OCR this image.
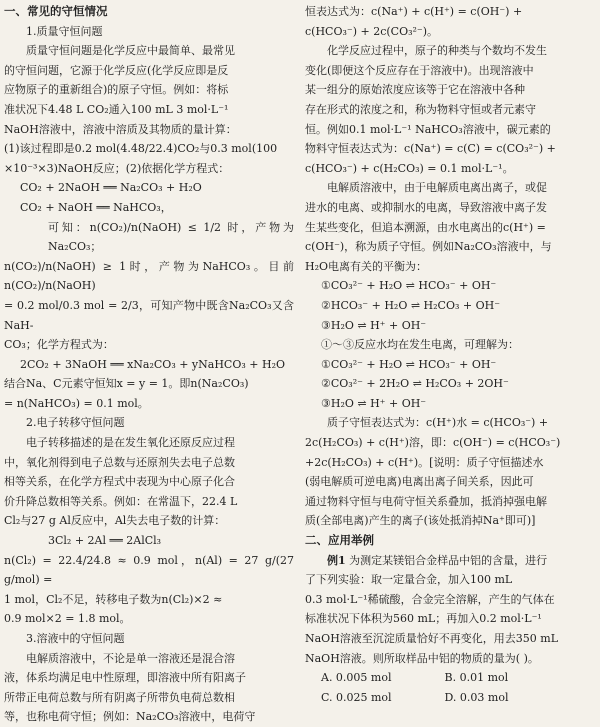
一、常见的守恒情况
1.质量守恒问题
质量守恒问题是化学反应中最简单、最常见
的守恒问题，它源于化学反应(化学反应即是反
应物原子的重新组合)的原子守恒。例如：将标
准状况下4.48 L CO₂通入100 mL 3 mol·L⁻¹
NaOH溶液中，溶液中溶质及其物质的量计算：
(1)该过程即是0.2 mol(4.48/22.4)CO₂与0.3 mol(100
×10⁻³×3)NaOH反应；(2)依据化学方程式：
CO₂ + 2NaOH ══ Na₂CO₃ + H₂O
CO₂ + NaOH ══ NaHCO₃，
可知：n(CO₂)/n(NaOH) ≤ 1/2 时，产物为Na₂CO₃；
n(CO₂)/n(NaOH) ≥ 1时，产物为NaHCO₃。目前 n(CO₂)/n(NaOH)
= 0.2 mol/0.3 mol = 2/3，可知产物中既含Na₂CO₃又含NaH-
CO₃；化学方程式为：
2CO₂ + 3NaOH ══ xNa₂CO₃ + yNaHCO₃ + H₂O
结合Na、C元素守恒知x = y = 1。即n(Na₂CO₃)
= n(NaHCO₃) = 0.1 mol。
2.电子转移守恒问题
电子转移描述的是在发生氧化还原反应过程
中，氧化剂得到电子总数与还原剂失去电子总数
相等关系，在化学方程式中表现为中心原子化合
价升降总数相等关系。例如：在常温下，22.4 L
Cl₂与27 g Al反应中，Al失去电子数的计算：
3Cl₂ + 2Al ══ 2AlCl₃
n(Cl₂) = 22.4/24.8 ≈ 0.9 mol，n(Al) = 27 g/(27 g/mol) =
1 mol，Cl₂不足，转移电子数为n(Cl₂)×2 ≈
0.9 mol×2 = 1.8 mol。
3.溶液中的守恒问题
电解质溶液中，不论是单一溶液还是混合溶
液，体系均满足电中性原理，即溶液中所有阳离子
所带正电荷总数与所有阴离子所带负电荷总数相
等，也称电荷守恒；例如：Na₂CO₃溶液中，电荷守
恒表达式为：c(Na⁺) + c(H⁺) = c(OH⁻) +
c(HCO₃⁻) + 2c(CO₃²⁻)。
化学反应过程中，原子的种类与个数均不发生
变化(即便这个反应存在于溶液中)。出现溶液中
某一组分的原始浓度应该等于它在溶液中各种
存在形式的浓度之和，称为物料守恒或者元素守
恒。例如0.1 mol·L⁻¹ NaHCO₃溶液中，碳元素的
物料守恒表达式为：c(Na⁺) = c(C) = c(CO₃²⁻) +
c(HCO₃⁻) + c(H₂CO₃) = 0.1 mol·L⁻¹。
电解质溶液中，由于电解质电离出离子，或促
进水的电离、或抑制水的电离，导致溶液中离子发
生某些变化，但追本溯源，由水电离出的c(H⁺) =
c(OH⁻)，称为质子守恒。例如Na₂CO₃溶液中，与
H₂O电离有关的平衡为：
①CO₃²⁻ + H₂O ⇌ HCO₃⁻ + OH⁻
②HCO₃⁻ + H₂O ⇌ H₂CO₃ + OH⁻
③H₂O ⇌ H⁺ + OH⁻
①～③反应水均在发生电离，可理解为：
①CO₃²⁻ + H₂O ⇌ HCO₃⁻ + OH⁻
②CO₃²⁻ + 2H₂O ⇌ H₂CO₃ + 2OH⁻
③H₂O ⇌ H⁺ + OH⁻
质子守恒表达式为：c(H⁺)水 = c(HCO₃⁻) +
2c(H₂CO₃) + c(H⁺)溶，即：c(OH⁻) = c(HCO₃⁻)
+2c(H₂CO₃) + c(H⁺)。[说明：质子守恒描述水
(弱电解质可逆电离)电离出离子间关系，因此可
通过物料守恒与电荷守恒关系叠加，抵消掉强电解
质(全部电离)产生的离子(该处抵消掉Na⁺即可)]
二、应用举例
例1 为测定某镁铝合金样品中铝的含量，进行
了下列实验：取一定量合金，加入100 mL
0.3 mol·L⁻¹稀硫酸，合金完全溶解，产生的气体在
标准状况下体积为560 mL；再加入0.2 mol·L⁻¹
NaOH溶液至沉淀质量恰好不再变化，用去350 mL
NaOH溶液。则所取样品中铝的物质的量为( )。
A. 0.005 mol	B. 0.01 mol
C. 0.025 mol	D. 0.03 mol
